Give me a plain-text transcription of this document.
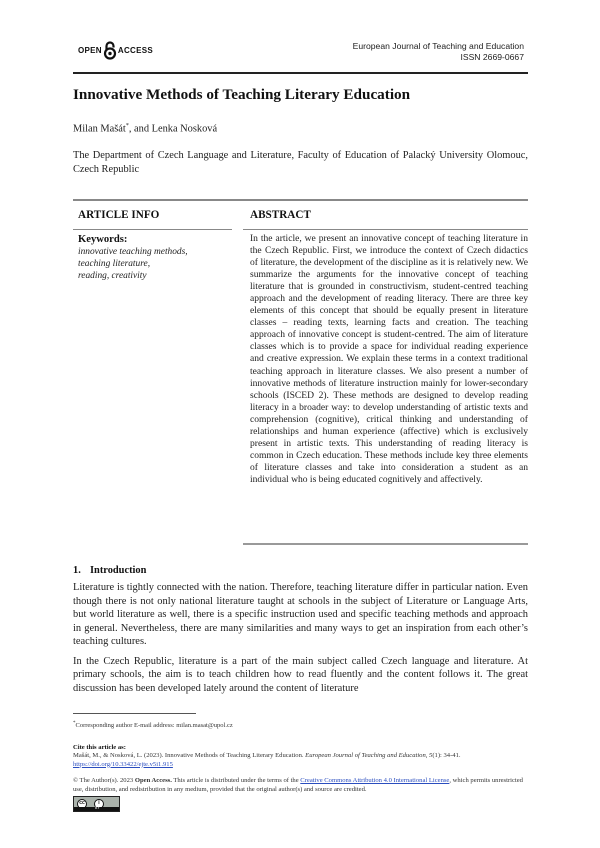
OPEN ACCESS	European Journal of Teaching and Education
ISSN 2669-0667
Innovative Methods of Teaching Literary Education
Milan Mašát*, and Lenka Nosková
The Department of Czech Language and Literature, Faculty of Education of Palacký University Olomouc, Czech Republic
ARTICLE INFO	ABSTRACT
Keywords:
innovative teaching methods,
teaching literature,
reading, creativity
In the article, we present an innovative concept of teaching literature in the Czech Republic. First, we introduce the context of Czech didactics of literature, the development of the discipline as it is relatively new. We summarize the arguments for the innovative concept of teaching literature that is grounded in constructivism, student-centred teaching approach and the development of reading literacy. There are three key elements of this concept that should be equally present in literature classes – reading texts, learning facts and creation. The teaching approach of innovative concept is student-centred. The aim of literature classes which is to provide a space for individual reading experience and creative expression. We explain these terms in a context traditional teaching approach in literature classes. We also present a number of innovative methods of literature instruction mainly for lower-secondary schools (ISCED 2). These methods are designed to develop reading literacy in a broader way: to develop understanding of artistic texts and comprehension (cognitive), critical thinking and understanding of relationships and human experience (affective) which is exclusively present in artistic texts. This understanding of reading literacy is common in Czech education. These methods include key three elements of literature classes and take into consideration a student as an individual who is being educated cognitively and affectively.
1. Introduction

Literature is tightly connected with the nation. Therefore, teaching literature differ in particular nation. Even though there is not only national literature taught at schools in the subject of Literature or Language Arts, but world literature as well, there is a specific instruction used and specific teaching methods and approach in general. Nevertheless, there are many similarities and many ways to get an inspiration from each other’s teaching cultures.

In the Czech Republic, literature is a part of the main subject called Czech language and literature. At primary schools, the aim is to teach children how to read fluently and the content follows it. The great discussion has been developed lately around the content of literature

*Corresponding author E-mail address: milan.masat@upol.cz
Cite this article as:
Mašát, M., & Nosková, L. (2023). Innovative Methods of Teaching Literary Education. European Journal of Teaching and Education, 5(1): 34-41. https://doi.org/10.33422/ejte.v5i1.915
© The Author(s). 2023 Open Access. This article is distributed under the terms of the Creative Commons Attribution 4.0 International License, which permits unrestricted use, distribution, and redistribution in any medium, provided that the original author(s) and source are credited.
cc	i
BY
